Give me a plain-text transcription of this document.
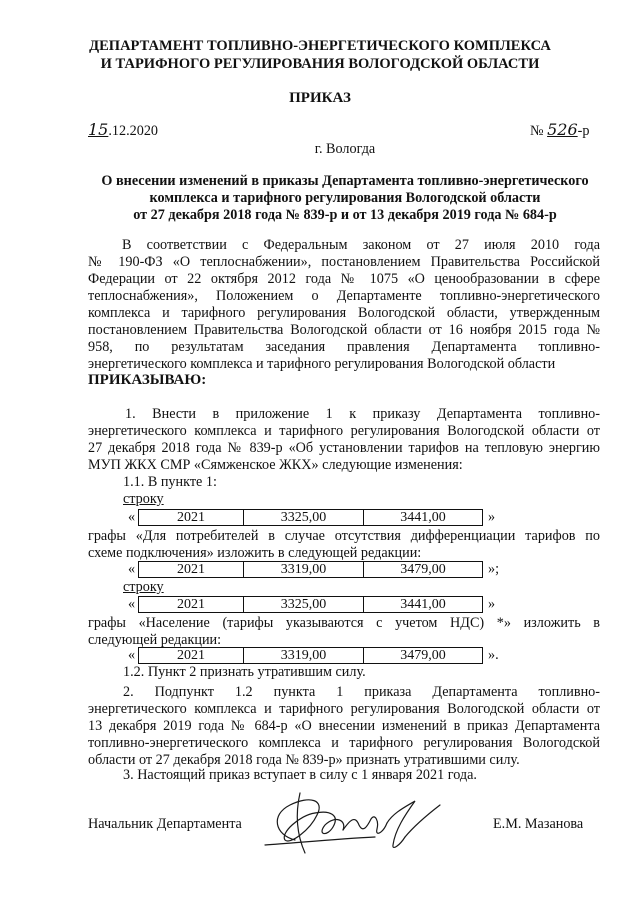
ДЕПАРТАМЕНТ ТОПЛИВНО-ЭНЕРГЕТИЧЕСКОГО КОМПЛЕКСА
И ТАРИФНОГО РЕГУЛИРОВАНИЯ ВОЛОГОДСКОЙ ОБЛАСТИ
ПРИКАЗ
15.12.2020	№ 526-р
г. Вологда
О внесении изменений в приказы Департамента топливно-энергетического
комплекса и тарифного регулирования Вологодской области
от 27 декабря 2018 года № 839-р и от 13 декабря 2019 года № 684-р
В соответствии с Федеральным законом от 27 июля 2010 года
№ 190-ФЗ «О теплоснабжении», постановлением Правительства Российской
Федерации от 22 октября 2012 года № 1075 «О ценообразовании в сфере
теплоснабжения», Положением о Департаменте топливно-энергетического
комплекса и тарифного регулирования Вологодской области, утвержденным
постановлением Правительства Вологодской области от 16 ноября 2015 года №
958, по результатам заседания правления Департамента топливно-
энергетического комплекса и тарифного регулирования Вологодской области
ПРИКАЗЫВАЮ:
1. Внести в приложение 1 к приказу Департамента топливно-
энергетического комплекса и тарифного регулирования Вологодской области от
27 декабря 2018 года № 839-р «Об установлении тарифов на тепловую энергию
МУП ЖКХ СМР «Сямженское ЖКХ» следующие изменения:
1.1. В пункте 1:
строку
«	2021	3325,00	3441,00	»
графы «Для потребителей в случае отсутствия дифференциации тарифов по
схеме подключения» изложить в следующей редакции:
«	2021	3319,00	3479,00	»;
строку
«	2021	3325,00	3441,00	»
графы «Население (тарифы указываются с учетом НДС) *» изложить в
следующей редакции:
«	2021	3319,00	3479,00	».
1.2. Пункт 2 признать утратившим силу.
2. Подпункт 1.2 пункта 1 приказа Департамента топливно-
энергетического комплекса и тарифного регулирования Вологодской области от
13 декабря 2019 года № 684-р «О внесении изменений в приказ Департамента
топливно-энергетического комплекса и тарифного регулирования Вологодской
области от 27 декабря 2018 года № 839-р» признать утратившими силу.
3. Настоящий приказ вступает в силу с 1 января 2021 года.
Начальник Департамента	Е.М. Мазанова
